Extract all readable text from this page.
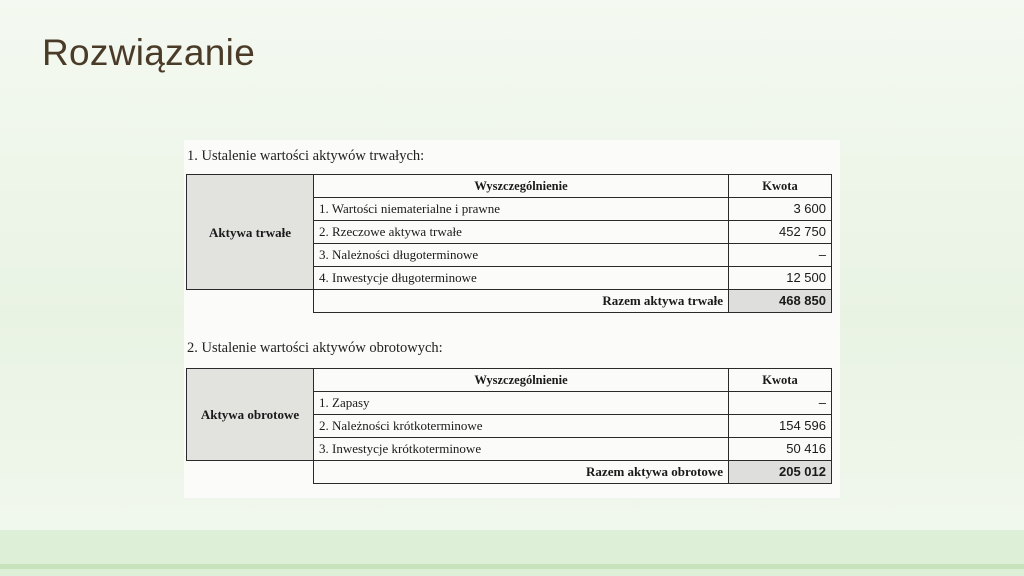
Rozwiązanie
1. Ustalenie wartości aktywów trwałych:
Aktywa trwałe	Wyszczególnienie	Kwota
	1. Wartości niematerialne i prawne	3 600
	2. Rzeczowe aktywa trwałe	452 750
	3. Należności długoterminowe	–
	4. Inwestycje długoterminowe	12 500
	Razem aktywa trwałe	468 850
2. Ustalenie wartości aktywów obrotowych:
Aktywa obrotowe	Wyszczególnienie	Kwota
	1. Zapasy	–
	2. Należności krótkoterminowe	154 596
	3. Inwestycje krótkoterminowe	50 416
	Razem aktywa obrotowe	205 012
